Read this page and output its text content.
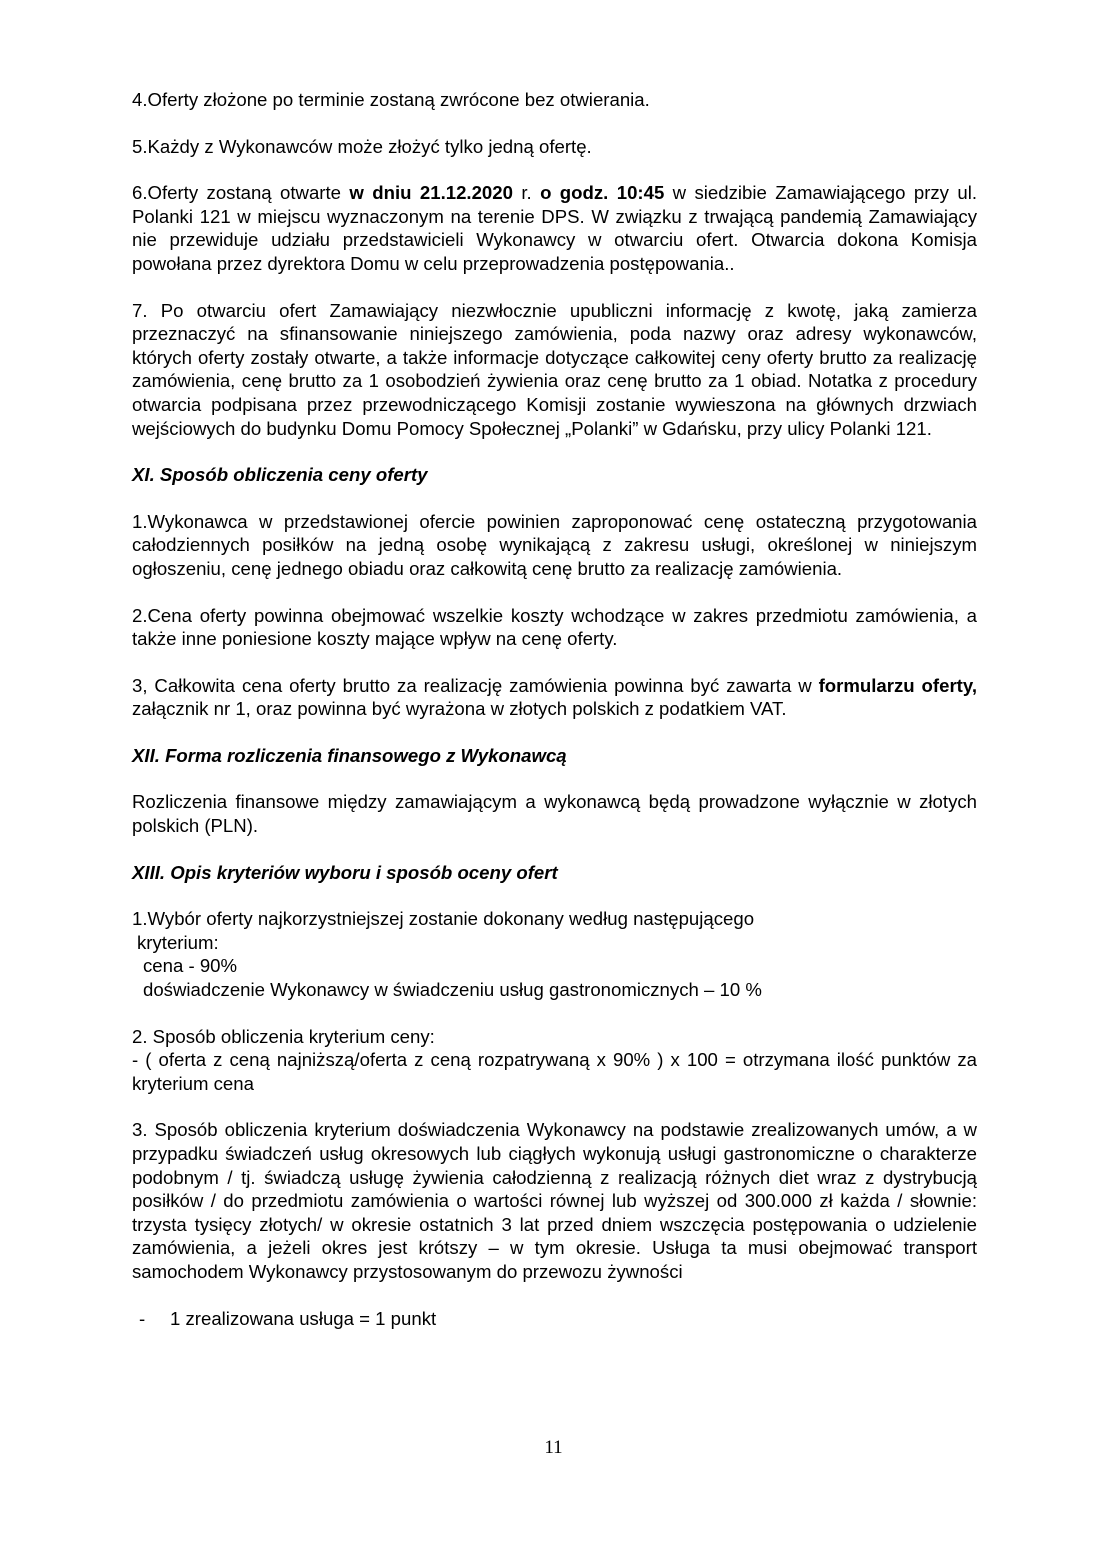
4.Oferty złożone po terminie zostaną zwrócone bez otwierania.

5.Każdy z Wykonawców może złożyć tylko jedną ofertę.

6.Oferty zostaną otwarte w dniu 21.12.2020 r. o godz. 10:45 w siedzibie Zamawiającego przy ul. Polanki 121 w miejscu wyznaczonym na terenie DPS. W związku z trwającą pandemią Zamawiający nie przewiduje udziału przedstawicieli Wykonawcy w otwarciu ofert. Otwarcia dokona Komisja powołana przez dyrektora Domu w celu przeprowadzenia postępowania..

7. Po otwarciu ofert Zamawiający niezwłocznie upubliczni informację z kwotę, jaką zamierza przeznaczyć na sfinansowanie niniejszego zamówienia, poda nazwy oraz adresy wykonawców, których oferty zostały otwarte, a także informacje dotyczące całkowitej ceny oferty brutto za realizację zamówienia, cenę brutto za 1 osobodzień żywienia oraz cenę brutto za 1 obiad. Notatka z procedury otwarcia podpisana przez przewodniczącego Komisji zostanie wywieszona na głównych drzwiach wejściowych do budynku Domu Pomocy Społecznej „Polanki” w Gdańsku, przy ulicy Polanki 121.

XI. Sposób obliczenia ceny oferty

1.Wykonawca w przedstawionej ofercie powinien zaproponować cenę ostateczną przygotowania całodziennych posiłków na jedną osobę wynikającą z zakresu usługi, określonej w niniejszym ogłoszeniu, cenę jednego obiadu oraz całkowitą cenę brutto za realizację zamówienia.

2.Cena oferty powinna obejmować wszelkie koszty wchodzące w zakres przedmiotu zamówienia, a także inne poniesione koszty mające wpływ na cenę oferty.

3, Całkowita cena oferty brutto za realizację zamówienia powinna być zawarta w formularzu oferty, załącznik nr 1, oraz powinna być wyrażona w złotych polskich z podatkiem VAT.

XII. Forma rozliczenia finansowego z Wykonawcą

Rozliczenia finansowe między zamawiającym a wykonawcą będą prowadzone wyłącznie w złotych polskich (PLN).

XIII. Opis kryteriów wyboru i sposób oceny ofert

1.Wybór oferty najkorzystniejszej zostanie dokonany według następującego
kryterium:
cena - 90%
doświadczenie Wykonawcy w świadczeniu usług gastronomicznych – 10 %

2. Sposób obliczenia kryterium ceny:
- ( oferta z ceną najniższą/oferta z ceną rozpatrywaną x 90% ) x 100 = otrzymana ilość punktów za kryterium cena

3. Sposób obliczenia kryterium doświadczenia Wykonawcy na podstawie zrealizowanych umów, a w przypadku świadczeń usług okresowych lub ciągłych wykonują usługi gastronomiczne o charakterze podobnym / tj. świadczą usługę żywienia całodzienną z realizacją różnych diet wraz z dystrybucją posiłków / do przedmiotu zamówienia o wartości równej lub wyższej od 300.000 zł każda / słownie: trzysta tysięcy złotych/ w okresie ostatnich 3 lat przed dniem wszczęcia postępowania o udzielenie zamówienia, a jeżeli okres jest krótszy – w tym okresie. Usługa ta musi obejmować transport samochodem Wykonawcy przystosowanym do przewozu żywności

-	1 zrealizowana usługa = 1 punkt
11
